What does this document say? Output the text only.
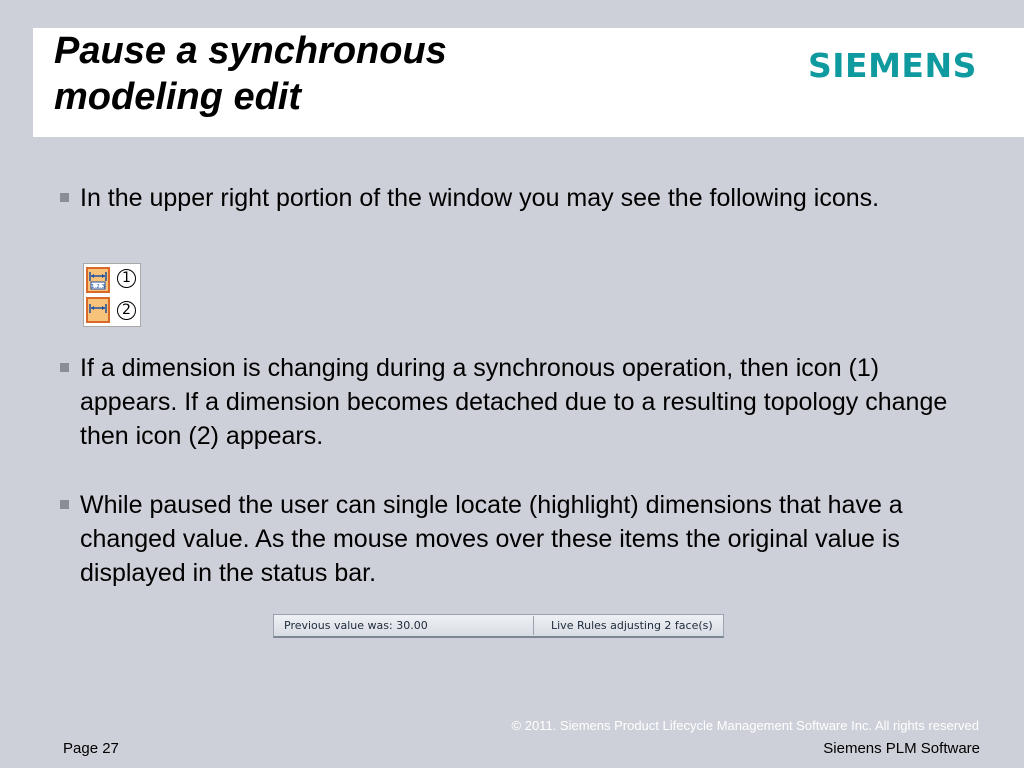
Pause a synchronous
modeling edit
SIEMENS
In the upper right portion of the window you may see the following icons.
1.2.3
1
2
If a dimension is changing during a synchronous operation, then icon (1) appears. If a dimension becomes detached due to a resulting topology change then icon (2) appears.
While paused the user can single locate (highlight) dimensions that have a changed value. As the mouse moves over these items the original value is displayed in the status bar.
Previous value was: 30.00	Live Rules adjusting 2 face(s)
© 2011. Siemens Product Lifecycle Management Software Inc. All rights reserved
Page 27	Siemens PLM Software
